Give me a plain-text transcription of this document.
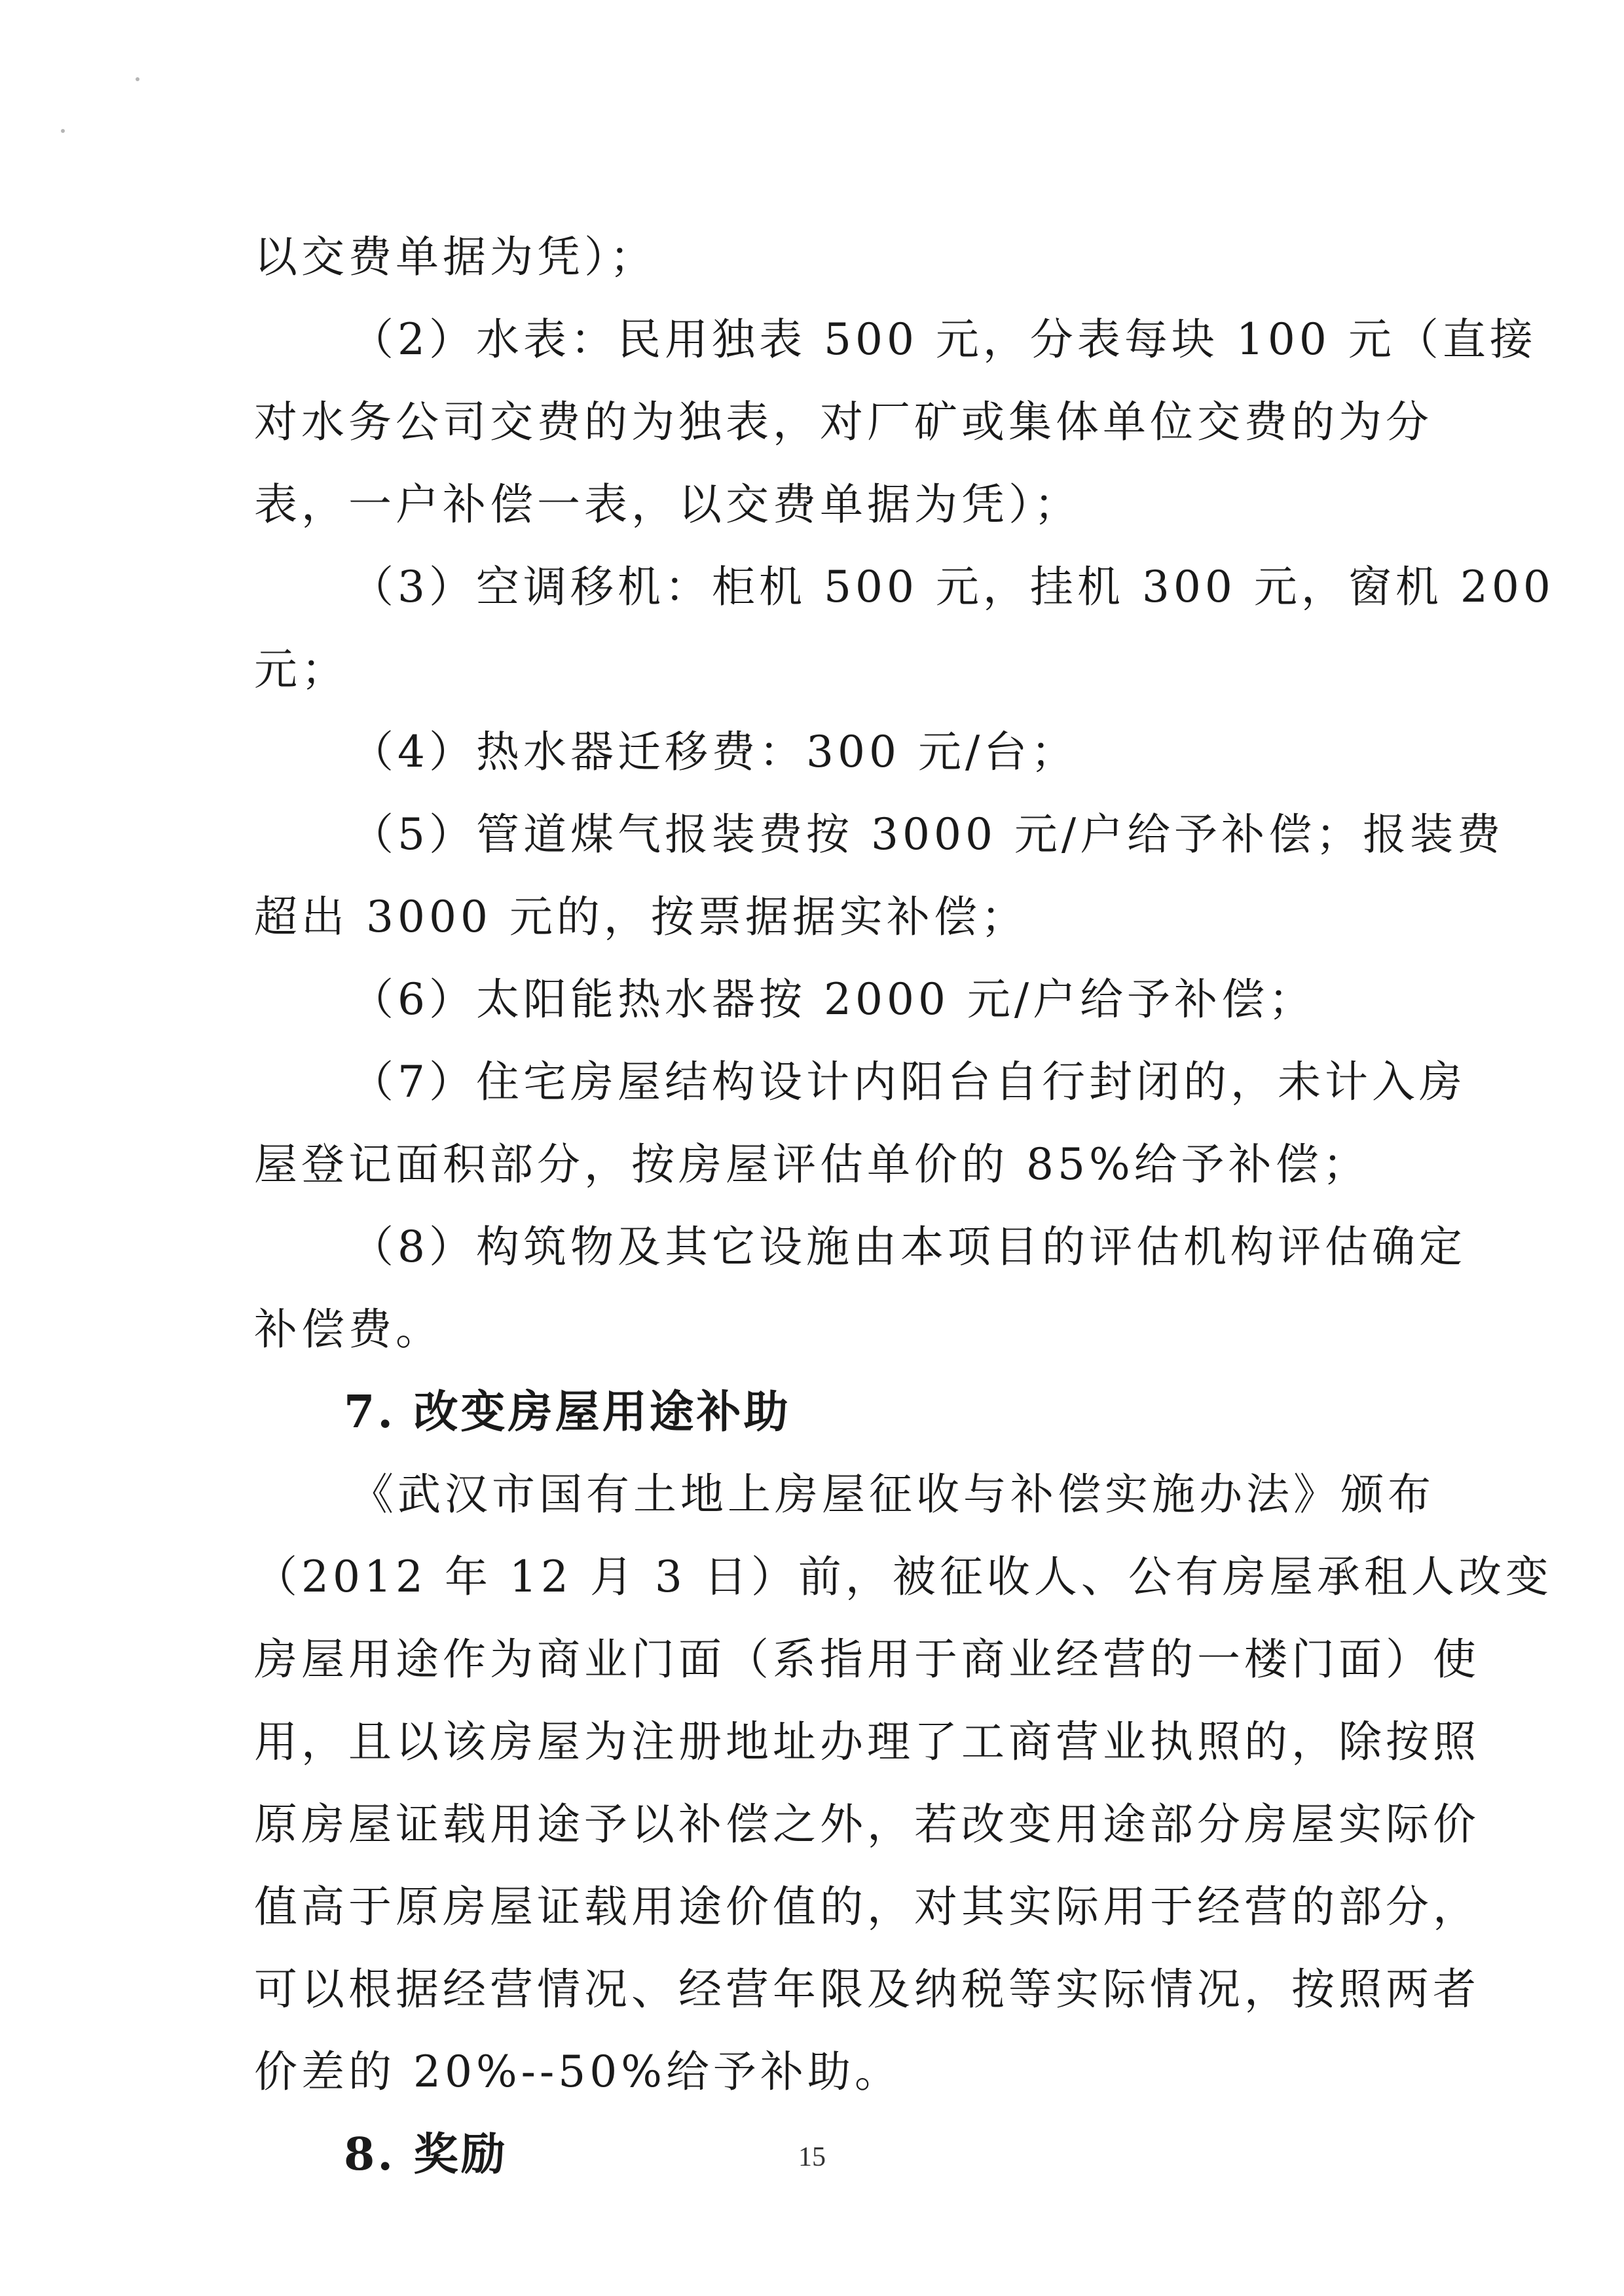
以交费单据为凭）；
（2）水表：民用独表 500 元，分表每块 100 元（直接
对水务公司交费的为独表，对厂矿或集体单位交费的为分
表，一户补偿一表，以交费单据为凭）；
（3）空调移机：柜机 500 元，挂机 300 元，窗机 200
元；
（4）热水器迁移费：300 元/台；
（5）管道煤气报装费按 3000 元/户给予补偿；报装费
超出 3000 元的，按票据据实补偿；
（6）太阳能热水器按 2000 元/户给予补偿；
（7）住宅房屋结构设计内阳台自行封闭的，未计入房
屋登记面积部分，按房屋评估单价的 85%给予补偿；
（8）构筑物及其它设施由本项目的评估机构评估确定
补偿费。
7. 改变房屋用途补助
《武汉市国有土地上房屋征收与补偿实施办法》颁布
（2012 年 12 月 3 日）前，被征收人、公有房屋承租人改变
房屋用途作为商业门面（系指用于商业经营的一楼门面）使
用，且以该房屋为注册地址办理了工商营业执照的，除按照
原房屋证载用途予以补偿之外，若改变用途部分房屋实际价
值高于原房屋证载用途价值的，对其实际用于经营的部分，
可以根据经营情况、经营年限及纳税等实际情况，按照两者
价差的 20%--50%给予补助。
8. 奖励	15
